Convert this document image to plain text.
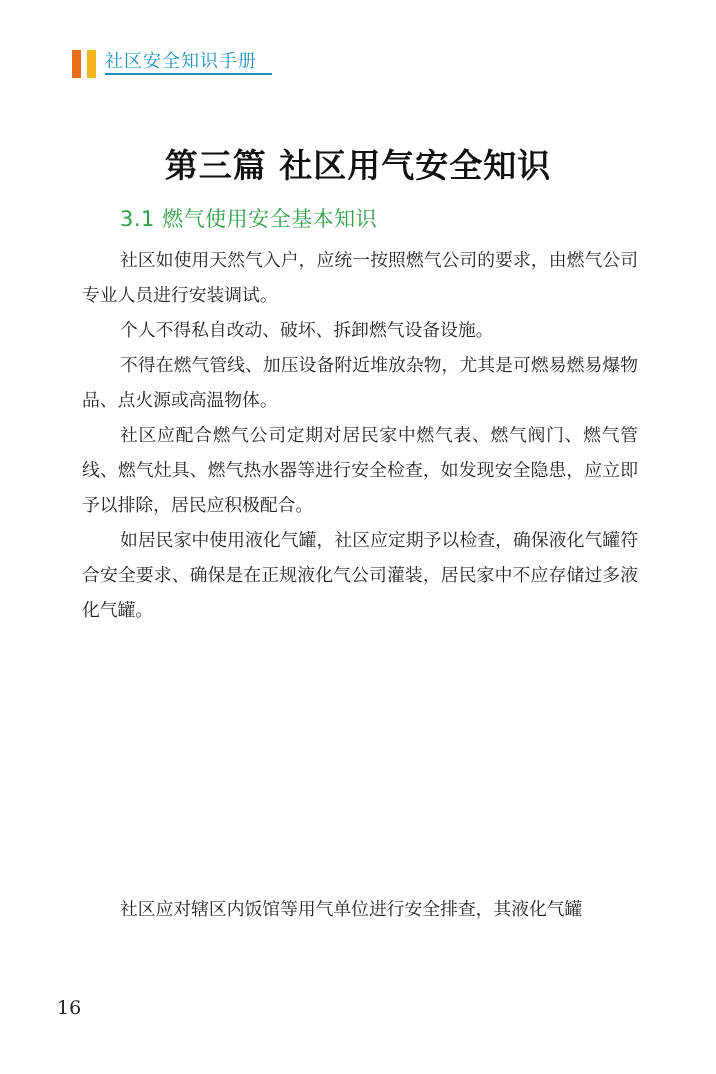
社区安全知识手册
第三篇 社区用气安全知识
3.1 燃气使用安全基本知识

社区如使用天然气入户，应统一按照燃气公司的要求，由燃气公司专业人员进行安装调试。

个人不得私自改动、破坏、拆卸燃气设备设施。

不得在燃气管线、加压设备附近堆放杂物，尤其是可燃易燃易爆物品、点火源或高温物体。

社区应配合燃气公司定期对居民家中燃气表、燃气阀门、燃气管线、燃气灶具、燃气热水器等进行安全检查，如发现安全隐患，应立即予以排除，居民应积极配合。

如居民家中使用液化气罐，社区应定期予以检查，确保液化气罐符合安全要求、确保是在正规液化气公司灌装，居民家中不应存储过多液化气罐。

社区应对辖区内饭馆等用气单位进行安全排查，其液化气罐
16
